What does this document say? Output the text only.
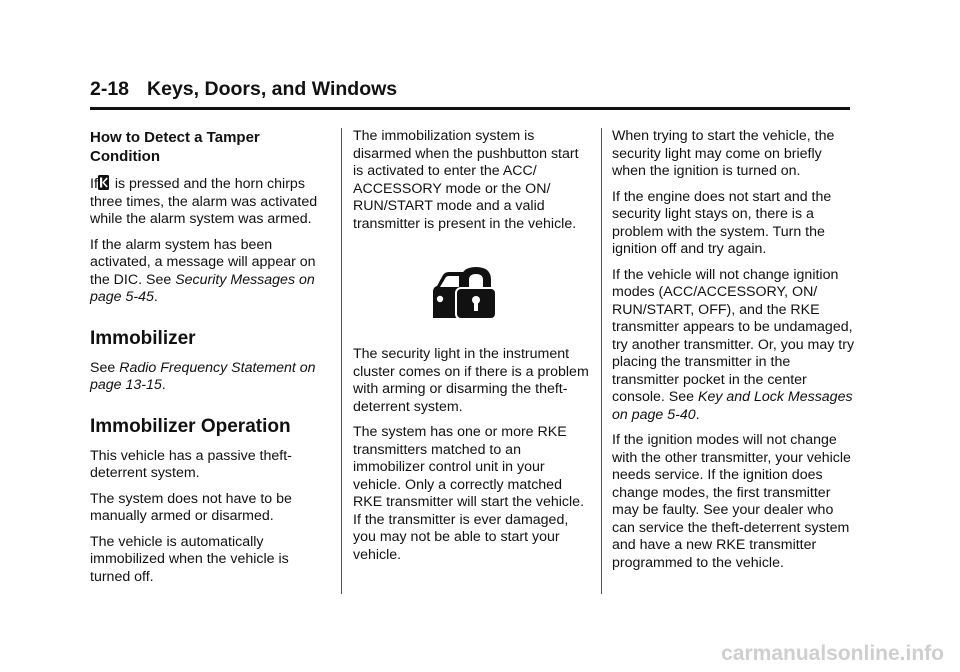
2-18 Keys, Doors, and Windows
How to Detect a Tamper Condition

If is pressed and the horn chirps three times, the alarm was activated while the alarm system was armed.

If the alarm system has been activated, a message will appear on the DIC. See Security Messages on page 5-45.

Immobilizer

See Radio Frequency Statement on page 13-15.

Immobilizer Operation

This vehicle has a passive theft-deterrent system.

The system does not have to be manually armed or disarmed.

The vehicle is automatically immobilized when the vehicle is turned off.

The immobilization system is disarmed when the pushbutton start is activated to enter the ACC/ ACCESSORY mode or the ON/ RUN/START mode and a valid transmitter is present in the vehicle.

The security light in the instrument cluster comes on if there is a problem with arming or disarming the theft-deterrent system.

The system has one or more RKE transmitters matched to an immobilizer control unit in your vehicle. Only a correctly matched RKE transmitter will start the vehicle. If the transmitter is ever damaged, you may not be able to start your vehicle.

When trying to start the vehicle, the security light may come on briefly when the ignition is turned on.

If the engine does not start and the security light stays on, there is a problem with the system. Turn the ignition off and try again.

If the vehicle will not change ignition modes (ACC/ACCESSORY, ON/ RUN/START, OFF), and the RKE transmitter appears to be undamaged, try another transmitter. Or, you may try placing the transmitter in the transmitter pocket in the center console. See Key and Lock Messages on page 5-40.

If the ignition modes will not change with the other transmitter, your vehicle needs service. If the ignition does change modes, the first transmitter may be faulty. See your dealer who can service the theft-deterrent system and have a new RKE transmitter programmed to the vehicle.

carmanualsonline.info
